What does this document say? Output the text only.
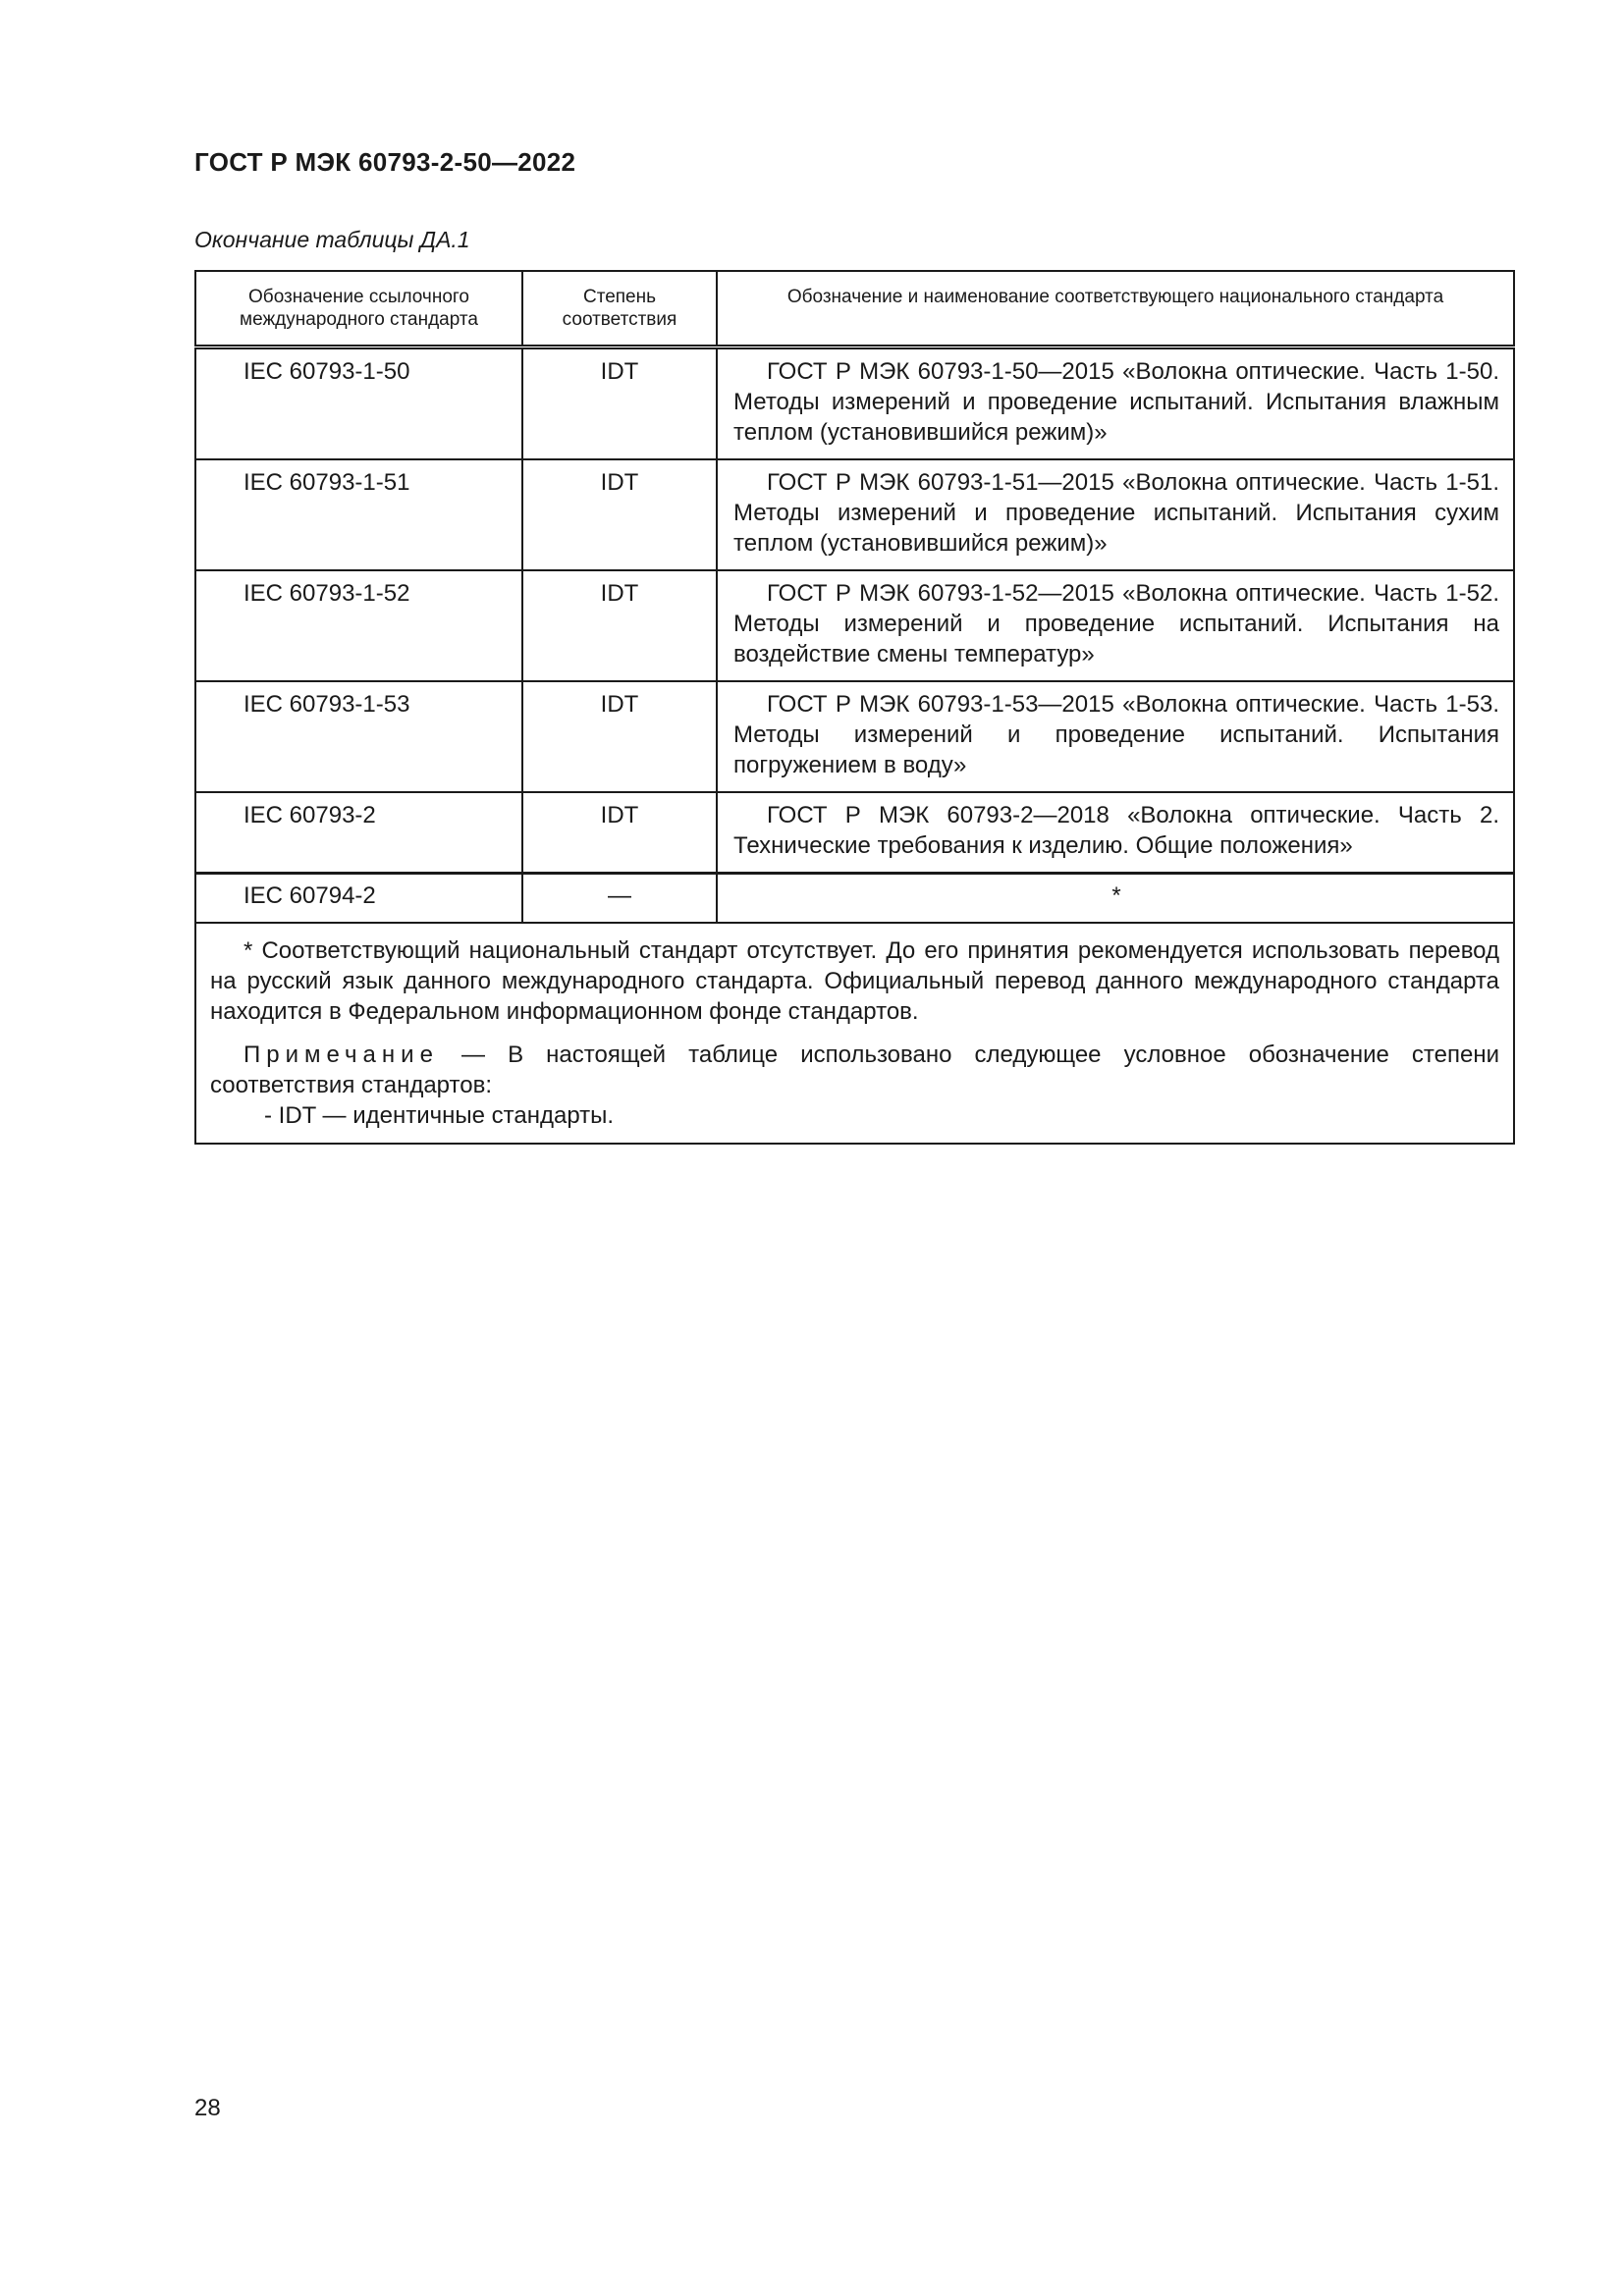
ГОСТ Р МЭК 60793-2-50—2022
Окончание таблицы ДА.1
Обозначение ссылочного международного стандарта	Степень соответствия	Обозначение и наименование соответствующего национального стандарта
IEC 60793-1-50	IDT	ГОСТ Р МЭК 60793-1-50—2015 «Волокна оптические. Часть 1-50. Методы измерений и проведение испытаний. Испытания влажным теплом (установившийся режим)»
IEC 60793-1-51	IDT	ГОСТ Р МЭК 60793-1-51—2015 «Волокна оптические. Часть 1-51. Методы измерений и проведение испытаний. Испытания сухим теплом (установившийся режим)»
IEC 60793-1-52	IDT	ГОСТ Р МЭК 60793-1-52—2015 «Волокна оптические. Часть 1-52. Методы измерений и проведение испытаний. Испытания на воздействие смены температур»
IEC 60793-1-53	IDT	ГОСТ Р МЭК 60793-1-53—2015 «Волокна оптические. Часть 1-53. Методы измерений и проведение испытаний. Испытания погружением в воду»
IEC 60793-2	IDT	ГОСТ Р МЭК 60793-2—2018 «Волокна оптические. Часть 2. Технические требования к изделию. Общие положения»
IEC 60794-2	—	*

* Соответствующий национальный стандарт отсутствует. До его принятия рекомендуется использовать перевод на русский язык данного международного стандарта. Официальный перевод данного международного стандарта находится в Федеральном информационном фонде стандартов.

Примечание — В настоящей таблице использовано следующее условное обозначение степени соответствия стандартов:

- IDT — идентичные стандарты.		

28
